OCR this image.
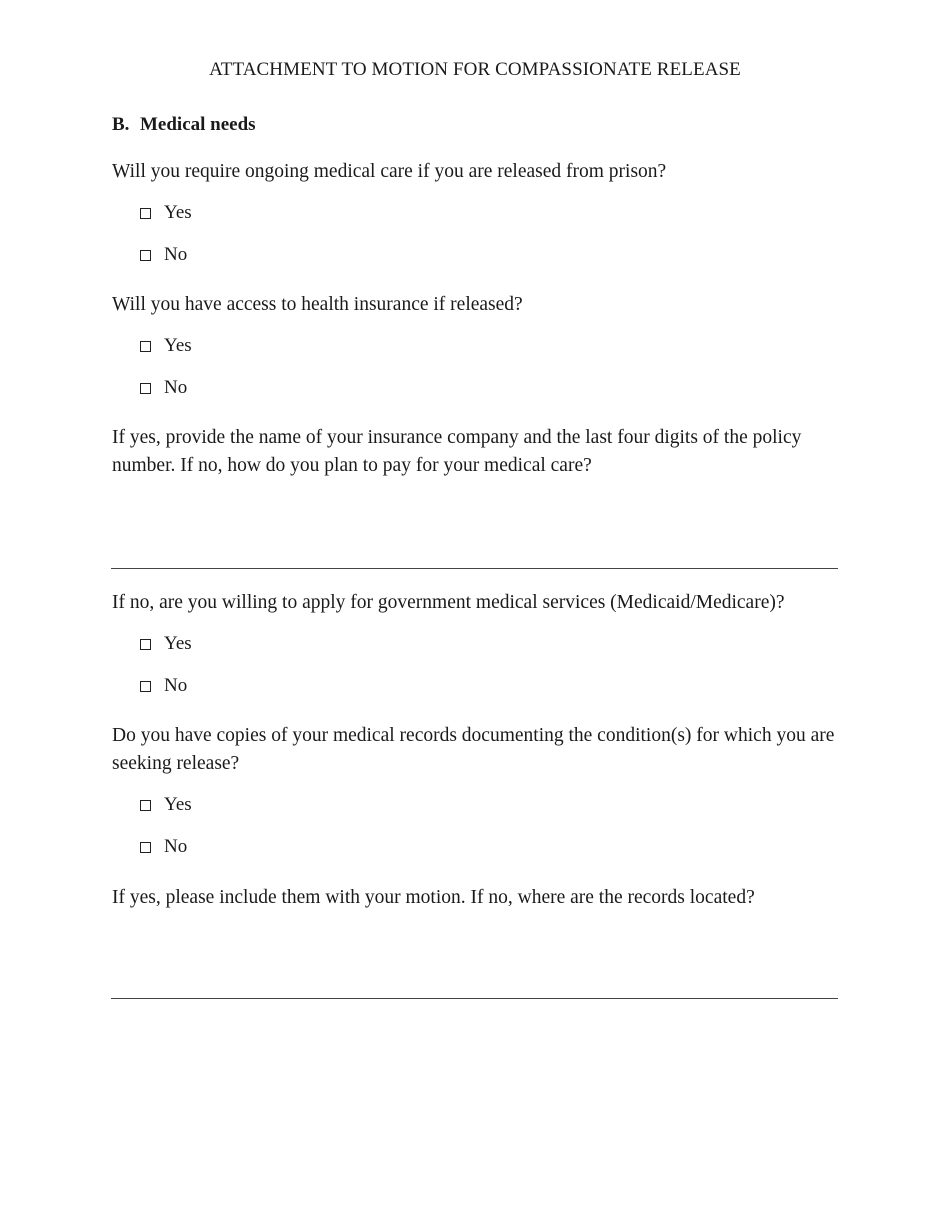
ATTACHMENT TO MOTION FOR COMPASSIONATE RELEASE
B. Medical needs
Will you require ongoing medical care if you are released from prison?
Yes
No
Will you have access to health insurance if released?
Yes
No
If yes, provide the name of your insurance company and the last four digits of the policy number. If no, how do you plan to pay for your medical care?
If no, are you willing to apply for government medical services (Medicaid/Medicare)?
Yes
No
Do you have copies of your medical records documenting the condition(s) for which you are seeking release?
Yes
No
If yes, please include them with your motion. If no, where are the records located?
